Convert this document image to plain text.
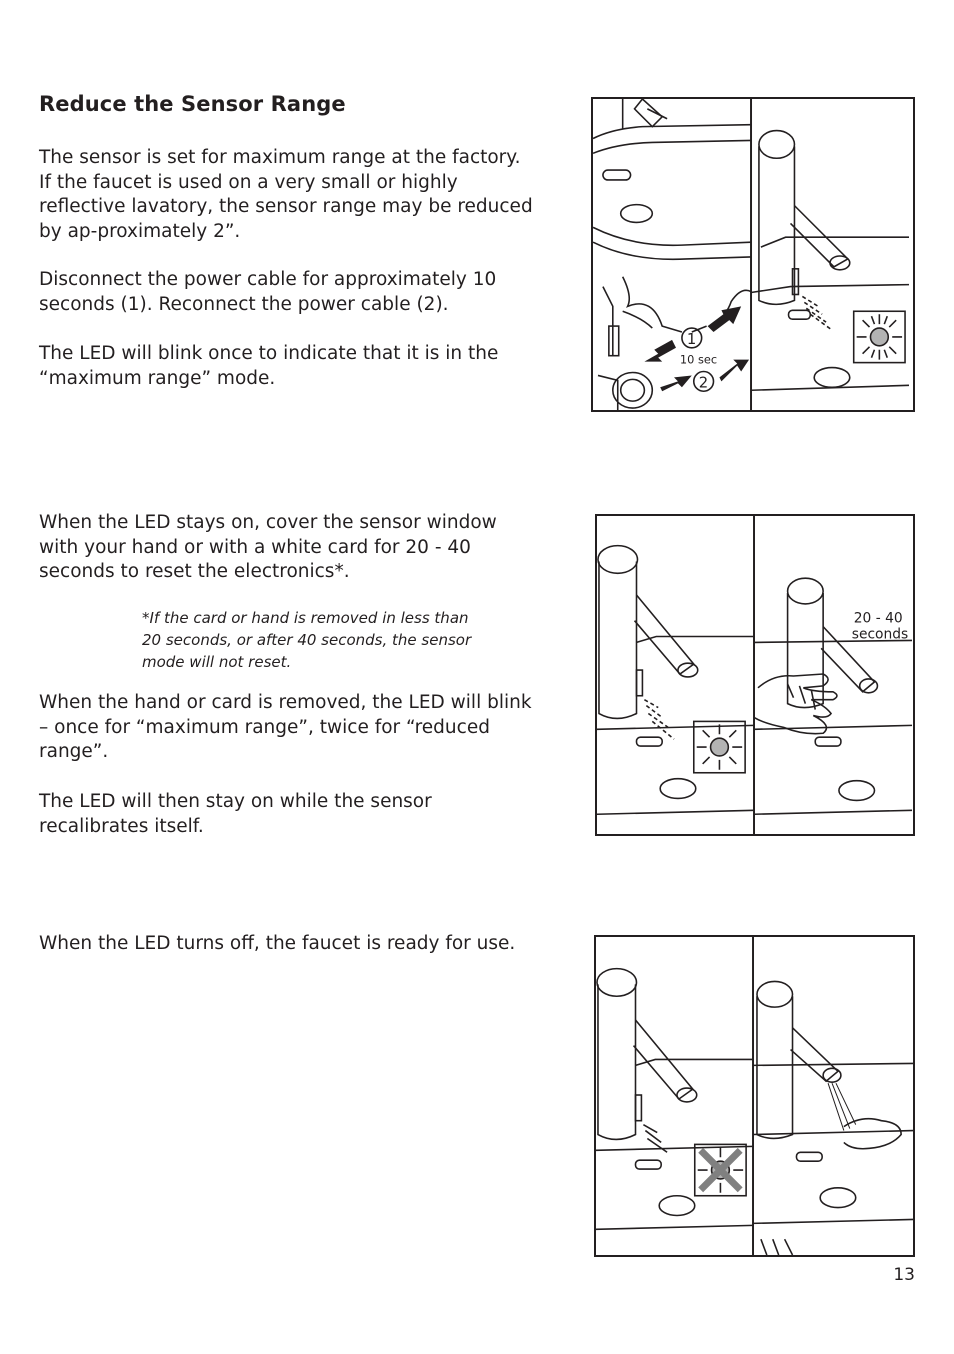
Reduce the Sensor Range

The sensor is set for maximum range at the factory. If the faucet is used on a very small or highly reflective lavatory, the sensor range may be reduced by ap-proximately 2”.

Disconnect the power cable for approximately 10 seconds (1). Reconnect the power cable (2).

The LED will blink once to indicate that it is in the “maximum range” mode.

When the LED stays on, cover the sensor window with your hand or with a white card for 20 - 40 seconds to reset the electronics*.

*If the card or hand is removed in less than 20 seconds, or after 40 seconds, the sensor mode will not reset.

When the hand or card is removed, the LED will blink – once for “maximum range”, twice for “reduced range”.

The LED will then stay on while the sensor recalibrates itself.

When the LED turns off, the faucet is ready for use.

1
2
10 sec
20 - 40
seconds
13
